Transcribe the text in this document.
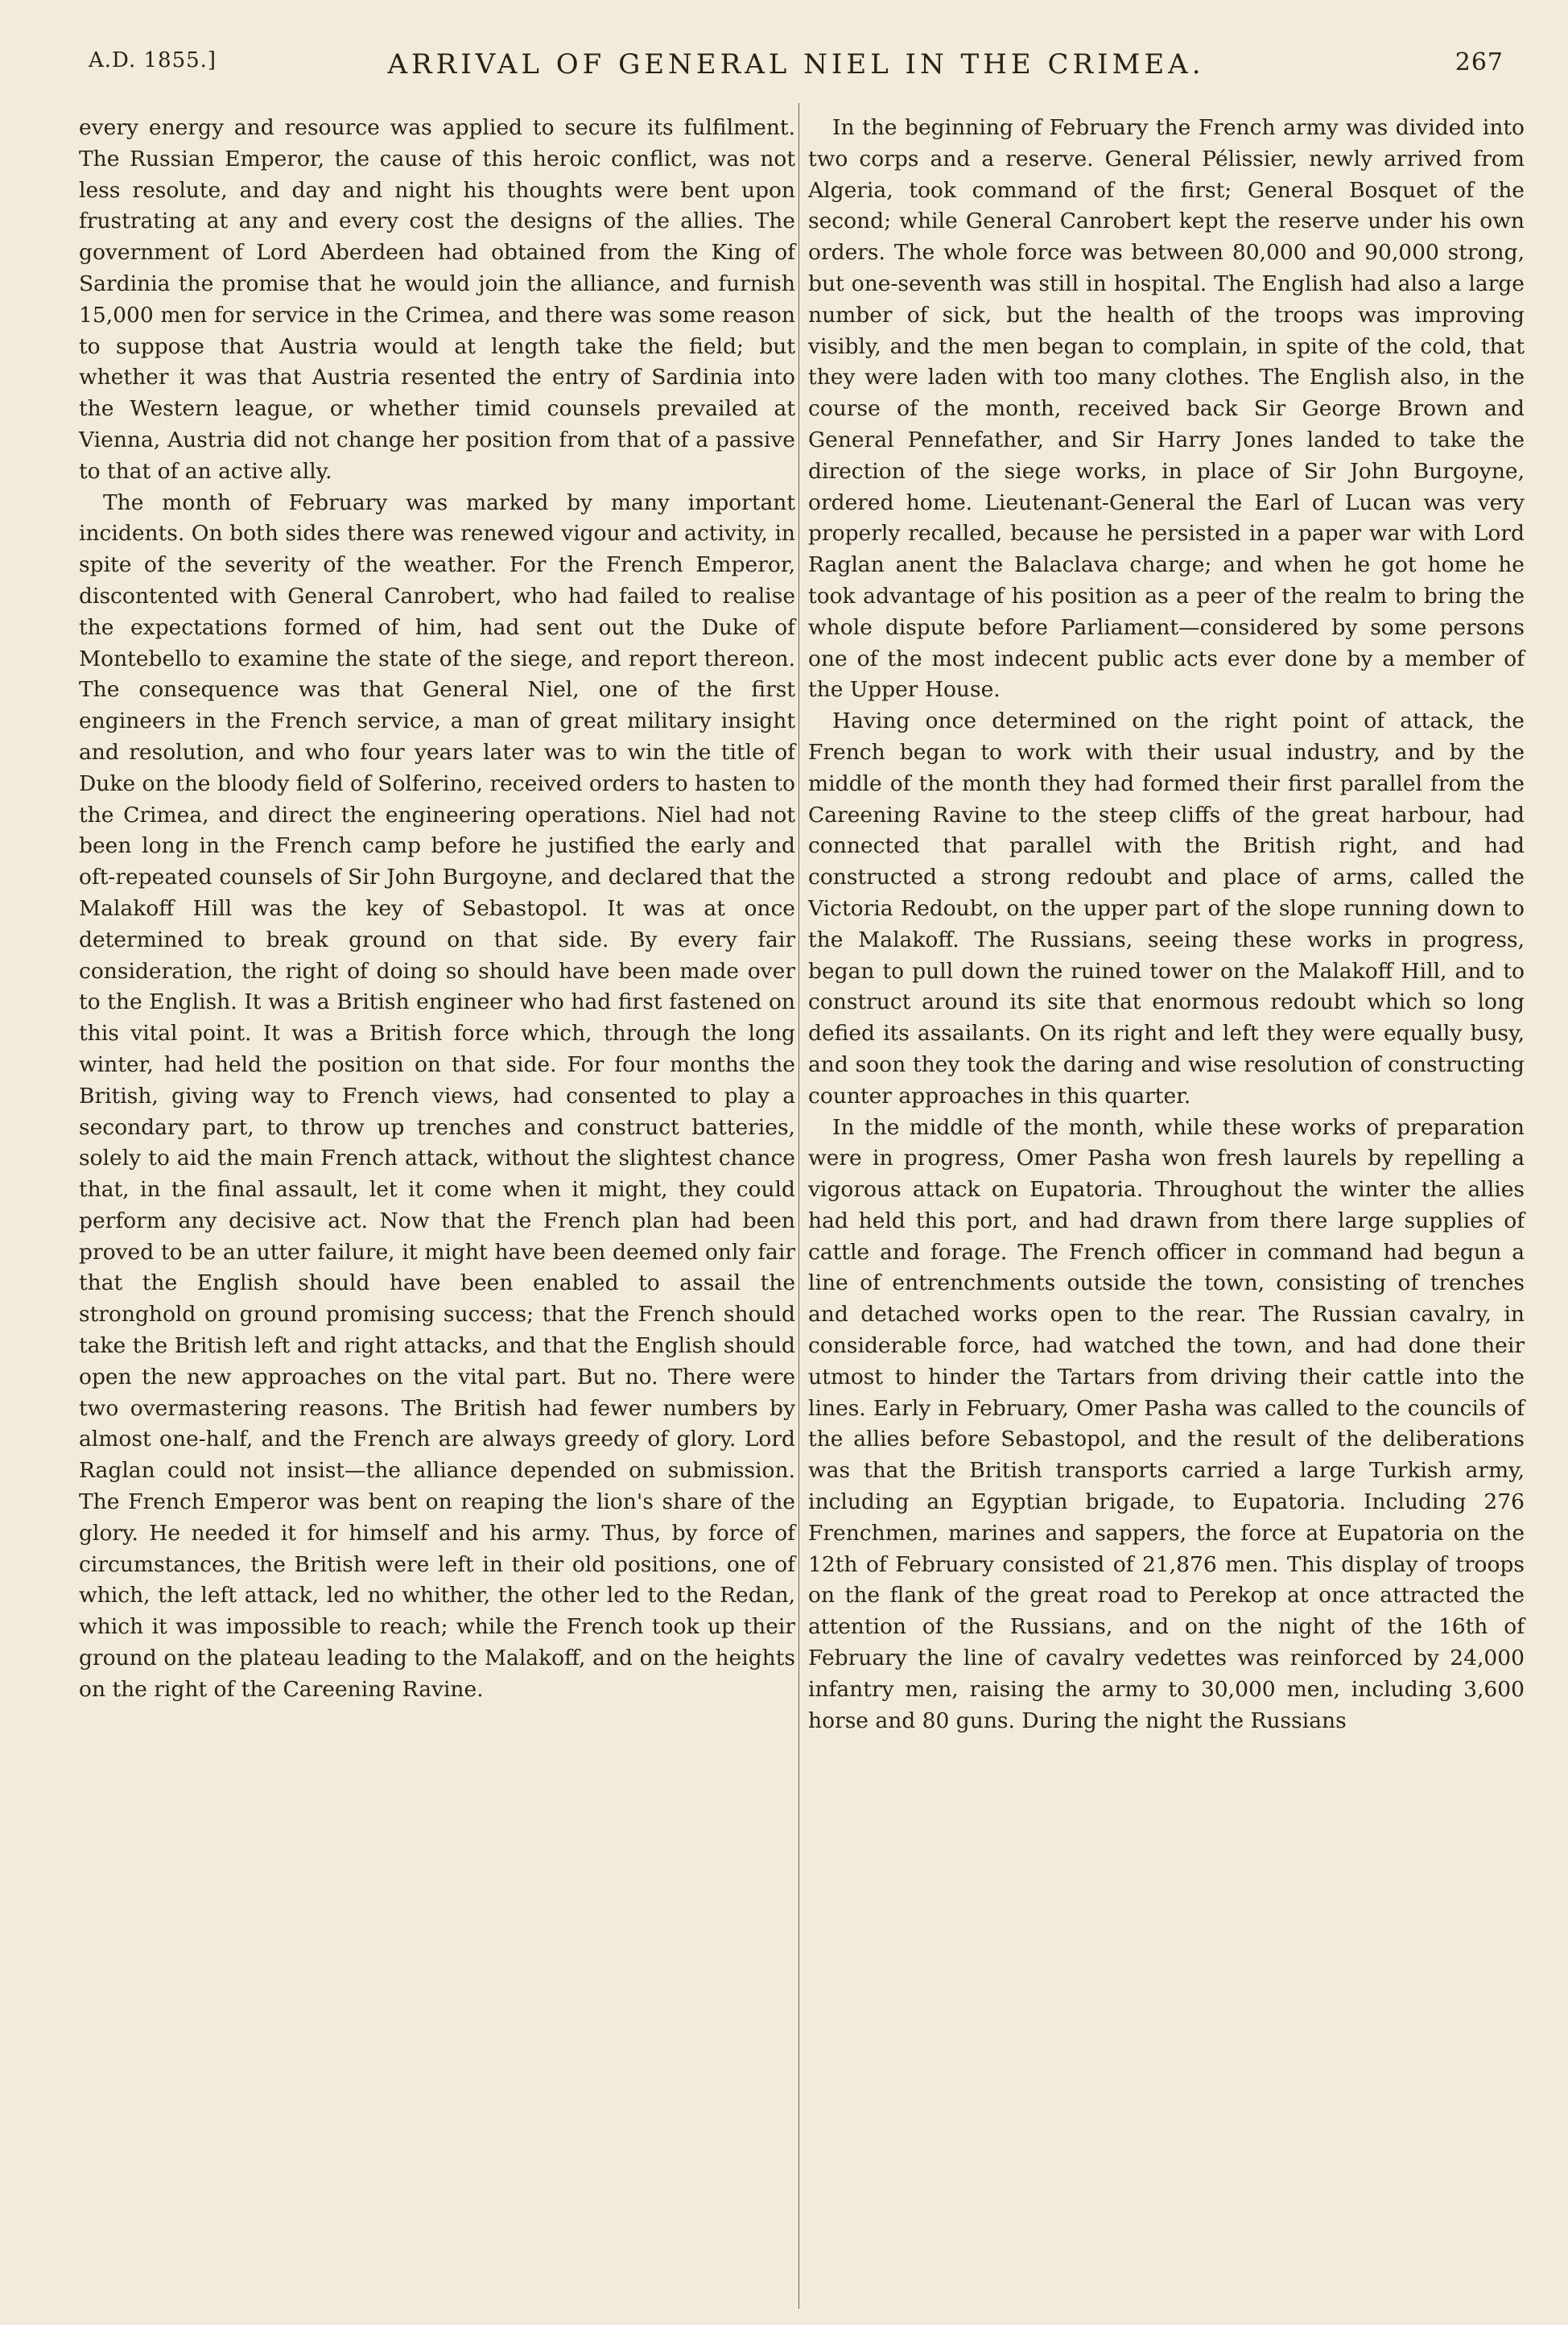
A.D. 1855.]	ARRIVAL OF GENERAL NIEL IN THE CRIMEA.	267

every energy and resource was applied to secure its fulfilment. The Russian Emperor, the cause of this heroic conflict, was not less resolute, and day and night his thoughts were bent upon frustrating at any and every cost the designs of the allies. The government of Lord Aberdeen had obtained from the King of Sardinia the promise that he would join the alliance, and furnish 15,000 men for service in the Crimea, and there was some reason to suppose that Austria would at length take the field; but whether it was that Austria resented the entry of Sardinia into the Western league, or whether timid counsels prevailed at Vienna, Austria did not change her position from that of a passive to that of an active ally.

The month of February was marked by many important incidents. On both sides there was renewed vigour and activity, in spite of the severity of the weather. For the French Emperor, discontented with General Canrobert, who had failed to realise the expectations formed of him, had sent out the Duke of Montebello to examine the state of the siege, and report thereon. The consequence was that General Niel, one of the first engineers in the French service, a man of great military insight and resolution, and who four years later was to win the title of Duke on the bloody field of Solferino, received orders to hasten to the Crimea, and direct the engineering operations. Niel had not been long in the French camp before he justified the early and oft-repeated counsels of Sir John Burgoyne, and declared that the Malakoff Hill was the key of Sebastopol. It was at once determined to break ground on that side. By every fair consideration, the right of doing so should have been made over to the English. It was a British engineer who had first fastened on this vital point. It was a British force which, through the long winter, had held the position on that side. For four months the British, giving way to French views, had consented to play a secondary part, to throw up trenches and construct batteries, solely to aid the main French attack, without the slightest chance that, in the final assault, let it come when it might, they could perform any decisive act. Now that the French plan had been proved to be an utter failure, it might have been deemed only fair that the English should have been enabled to assail the stronghold on ground promising success; that the French should take the British left and right attacks, and that the English should open the new approaches on the vital part. But no. There were two overmastering reasons. The British had fewer numbers by almost one-half, and the French are always greedy of glory. Lord Raglan could not insist—the alliance depended on submission. The French Emperor was bent on reaping the lion's share of the glory. He needed it for himself and his army. Thus, by force of circumstances, the British were left in their old positions, one of which, the left attack, led no whither, the other led to the Redan, which it was impossible to reach; while the French took up their ground on the plateau leading to the Malakoff, and on the heights on the right of the Careening Ravine.

In the beginning of February the French army was divided into two corps and a reserve. General Pélissier, newly arrived from Algeria, took command of the first; General Bosquet of the second; while General Canrobert kept the reserve under his own orders. The whole force was between 80,000 and 90,000 strong, but one-seventh was still in hospital. The English had also a large number of sick, but the health of the troops was improving visibly, and the men began to complain, in spite of the cold, that they were laden with too many clothes. The English also, in the course of the month, received back Sir George Brown and General Pennefather, and Sir Harry Jones landed to take the direction of the siege works, in place of Sir John Burgoyne, ordered home. Lieutenant-General the Earl of Lucan was very properly recalled, because he persisted in a paper war with Lord Raglan anent the Balaclava charge; and when he got home he took advantage of his position as a peer of the realm to bring the whole dispute before Parliament—considered by some persons one of the most indecent public acts ever done by a member of the Upper House.

Having once determined on the right point of attack, the French began to work with their usual industry, and by the middle of the month they had formed their first parallel from the Careening Ravine to the steep cliffs of the great harbour, had connected that parallel with the British right, and had constructed a strong redoubt and place of arms, called the Victoria Redoubt, on the upper part of the slope running down to the Malakoff. The Russians, seeing these works in progress, began to pull down the ruined tower on the Malakoff Hill, and to construct around its site that enormous redoubt which so long defied its assailants. On its right and left they were equally busy, and soon they took the daring and wise resolution of constructing counter approaches in this quarter.

In the middle of the month, while these works of preparation were in progress, Omer Pasha won fresh laurels by repelling a vigorous attack on Eupatoria. Throughout the winter the allies had held this port, and had drawn from there large supplies of cattle and forage. The French officer in command had begun a line of entrenchments outside the town, consisting of trenches and detached works open to the rear. The Russian cavalry, in considerable force, had watched the town, and had done their utmost to hinder the Tartars from driving their cattle into the lines. Early in February, Omer Pasha was called to the councils of the allies before Sebastopol, and the result of the deliberations was that the British transports carried a large Turkish army, including an Egyptian brigade, to Eupatoria. Including 276 Frenchmen, marines and sappers, the force at Eupatoria on the 12th of February consisted of 21,876 men. This display of troops on the flank of the great road to Perekop at once attracted the attention of the Russians, and on the night of the 16th of February the line of cavalry vedettes was reinforced by 24,000 infantry men, raising the army to 30,000 men, including 3,600 horse and 80 guns. During the night the Russians
